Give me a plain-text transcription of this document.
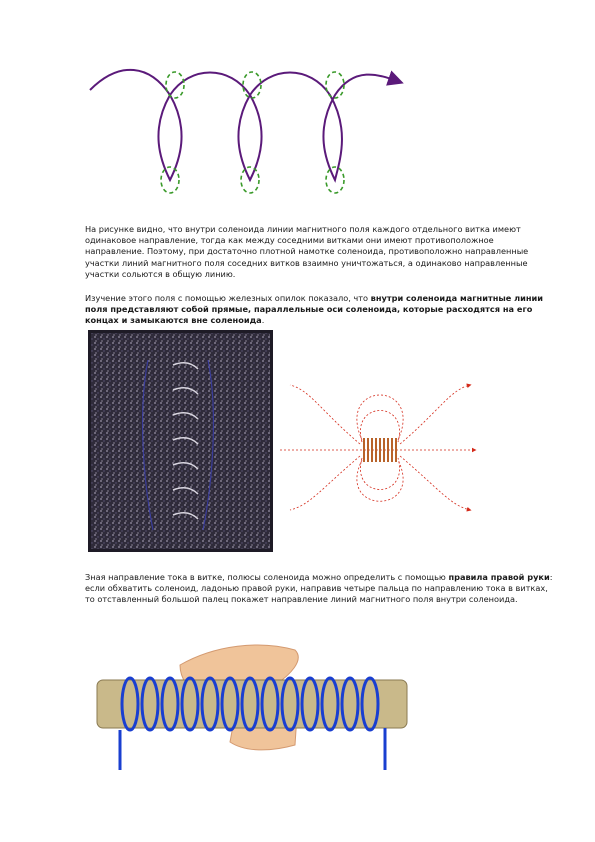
На рисунке видно, что внутри соленоида линии магнитного поля каждого отдельного витка имеют одинаковое направление, тогда как между соседними витками они имеют противоположное направление. Поэтому, при достаточно плотной намотке соленоида, противоположно направленные участки линий магнитного поля соседних витков взаимно уничтожаться, а одинаково направленные участки сольются в общую линию.

Изучение этого поля с помощью железных опилок показало, что внутри соленоида магнитные линии поля представляют собой прямые, параллельные оси соленоида, которые расходятся на его концах и замыкаются вне соленоида.

Зная направление тока в витке, полюсы соленоида можно определить с помощью правила правой руки: если обхватить соленоид, ладонью правой руки, направив четыре пальца по направлению тока в витках, то отставленный большой палец покажет направление линий магнитного поля внутри соленоида.
